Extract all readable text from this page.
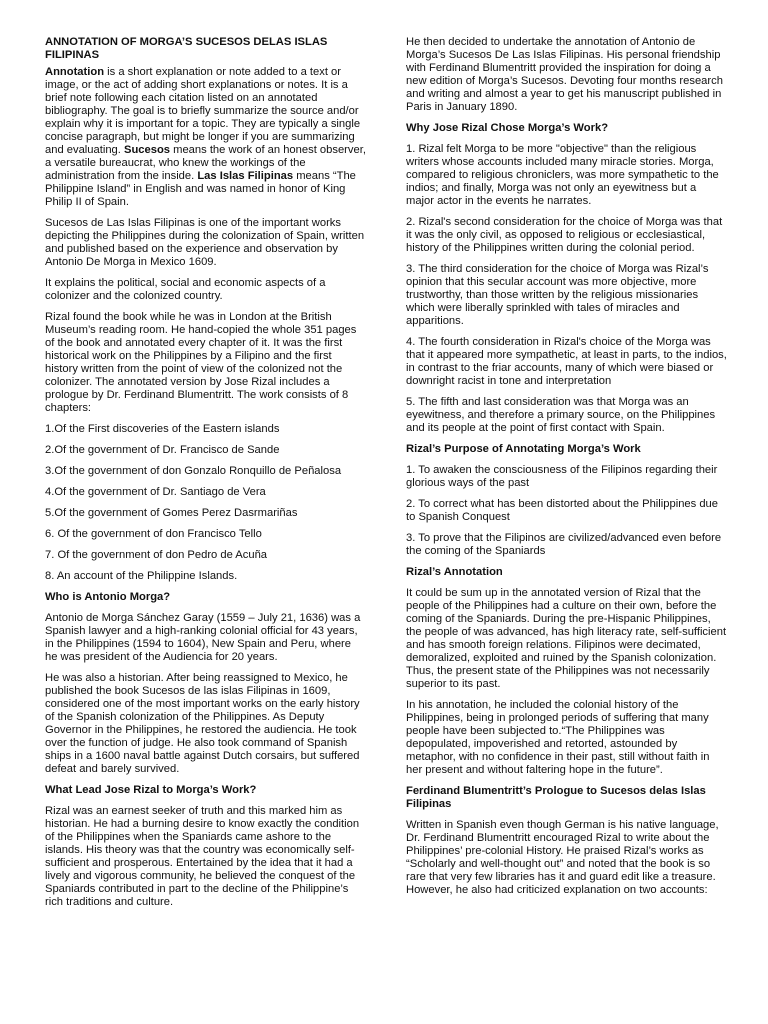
ANNOTATION OF MORGA’S SUCESOS DELAS ISLAS FILIPINAS

Annotation is a short explanation or note added to a text or image, or the act of adding short explanations or notes. It is a brief note following each citation listed on an annotated bibliography. The goal is to briefly summarize the source and/or explain why it is important for a topic. They are typically a single concise paragraph, but might be longer if you are summarizing and evaluating. Sucesos means the work of an honest observer, a versatile bureaucrat, who knew the workings of the administration from the inside. Las Islas Filipinas means “The Philippine Island” in English and was named in honor of King Philip II of Spain.

Sucesos de Las Islas Filipinas is one of the important works depicting the Philippines during the colonization of Spain, written and published based on the experience and observation by Antonio De Morga in Mexico 1609.

It explains the political, social and economic aspects of a colonizer and the colonized country.

Rizal found the book while he was in London at the British Museum’s reading room. He hand-copied the whole 351 pages of the book and annotated every chapter of it. It was the first historical work on the Philippines by a Filipino and the first history written from the point of view of the colonized not the colonizer. The annotated version by Jose Rizal includes a prologue by Dr. Ferdinand Blumentritt. The work consists of 8 chapters:

1.Of the First discoveries of the Eastern islands

2.Of the government of Dr. Francisco de Sande

3.Of the government of don Gonzalo Ronquillo de Peñalosa

4.Of the government of Dr. Santiago de Vera

5.Of the government of Gomes Perez Dasrmariñas

6. Of the government of don Francisco Tello

7. Of the government of don Pedro de Acuña

8. An account of the Philippine Islands.

Who is Antonio Morga?

Antonio de Morga Sánchez Garay (1559 – July 21, 1636) was a Spanish lawyer and a high-ranking colonial official for 43 years, in the Philippines (1594 to 1604), New Spain and Peru, where he was president of the Audiencia for 20 years.

He was also a historian. After being reassigned to Mexico, he published the book Sucesos de las islas Filipinas in 1609, considered one of the most important works on the early history of the Spanish colonization of the Philippines. As Deputy Governor in the Philippines, he restored the audiencia. He took over the function of judge. He also took command of Spanish ships in a 1600 naval battle against Dutch corsairs, but suffered defeat and barely survived.

What Lead Jose Rizal to Morga’s Work?

Rizal was an earnest seeker of truth and this marked him as historian. He had a burning desire to know exactly the condition of the Philippines when the Spaniards came ashore to the islands. His theory was that the country was economically self-sufficient and prosperous. Entertained by the idea that it had a lively and vigorous community, he believed the conquest of the Spaniards contributed in part to the decline of the Philippine’s rich traditions and culture.

He then decided to undertake the annotation of Antonio de Morga’s Sucesos De Las Islas Filipinas. His personal friendship with Ferdinand Blumentritt provided the inspiration for doing a new edition of Morga’s Sucesos. Devoting four months research and writing and almost a year to get his manuscript published in Paris in January 1890.

Why Jose Rizal Chose Morga’s Work?

1. Rizal felt Morga to be more "objective" than the religious writers whose accounts included many miracle stories. Morga, compared to religious chroniclers, was more sympathetic to the indios; and finally, Morga was not only an eyewitness but a major actor in the events he narrates.

2. Rizal's second consideration for the choice of Morga was that it was the only civil, as opposed to religious or ecclesiastical, history of the Philippines written during the colonial period.

3. The third consideration for the choice of Morga was Rizal’s opinion that this secular account was more objective, more trustworthy, than those written by the religious missionaries which were liberally sprinkled with tales of miracles and apparitions.

4. The fourth consideration in Rizal's choice of the Morga was that it appeared more sympathetic, at least in parts, to the indios, in contrast to the friar accounts, many of which were biased or downright racist in tone and interpretation

5. The fifth and last consideration was that Morga was an eyewitness, and therefore a primary source, on the Philippines and its people at the point of first contact with Spain.

Rizal’s Purpose of Annotating Morga’s Work

1. To awaken the consciousness of the Filipinos regarding their glorious ways of the past

2. To correct what has been distorted about the Philippines due to Spanish Conquest

3. To prove that the Filipinos are civilized/advanced even before the coming of the Spaniards

Rizal’s Annotation

It could be sum up in the annotated version of Rizal that the people of the Philippines had a culture on their own, before the coming of the Spaniards. During the pre-Hispanic Philippines, the people of was advanced, has high literacy rate, self-sufficient and has smooth foreign relations. Filipinos were decimated, demoralized, exploited and ruined by the Spanish colonization. Thus, the present state of the Philippines was not necessarily superior to its past.

In his annotation, he included the colonial history of the Philippines, being in prolonged periods of suffering that many people have been subjected to.“The Philippines was depopulated, impoverished and retorted, astounded by metaphor, with no confidence in their past, still without faith in her present and without faltering hope in the future”.

Ferdinand Blumentritt’s Prologue to Sucesos delas Islas Filipinas

Written in Spanish even though German is his native language, Dr. Ferdinand Blumentritt encouraged Rizal to write about the Philippines’ pre-colonial History. He praised Rizal’s works as “Scholarly and well-thought out” and noted that the book is so rare that very few libraries has it and guard edit like a treasure. However, he also had criticized explanation on two accounts:
